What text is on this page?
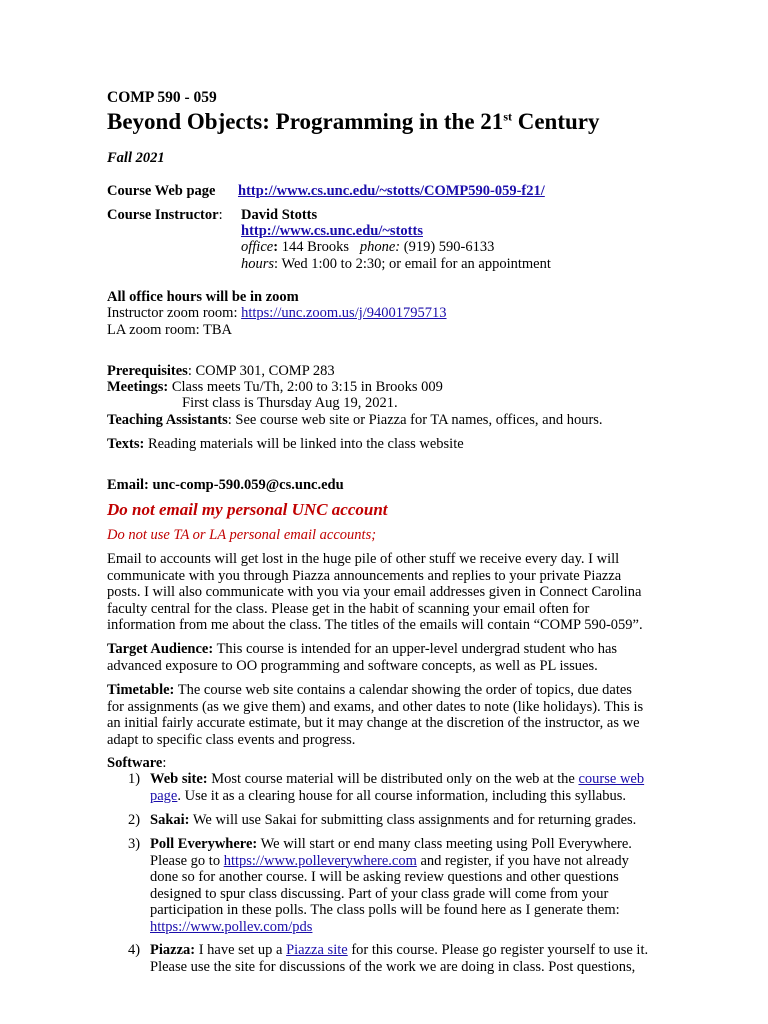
COMP 590 - 059
Beyond Objects: Programming in the 21st Century
Fall 2021
Course Web page http://www.cs.unc.edu/~stotts/COMP590-059-f21/
Course Instructor: David Stotts
http://www.cs.unc.edu/~stotts
office: 144 Brooks phone: (919) 590-6133
hours: Wed 1:00 to 2:30; or email for an appointment
All office hours will be in zoom
Instructor zoom room: https://unc.zoom.us/j/94001795713
LA zoom room: TBA
Prerequisites: COMP 301, COMP 283
Meetings: Class meets Tu/Th, 2:00 to 3:15 in Brooks 009
First class is Thursday Aug 19, 2021.
Teaching Assistants: See course web site or Piazza for TA names, offices, and hours.
Texts: Reading materials will be linked into the class website
Email: unc-comp-590.059@cs.unc.edu
Do not email my personal UNC account
Do not use TA or LA personal email accounts;
Email to accounts will get lost in the huge pile of other stuff we receive every day. I will communicate with you through Piazza announcements and replies to your private Piazza posts. I will also communicate with you via your email addresses given in Connect Carolina faculty central for the class. Please get in the habit of scanning your email often for information from me about the class. The titles of the emails will contain “COMP 590-059”.
Target Audience: This course is intended for an upper-level undergrad student who has advanced exposure to OO programming and software concepts, as well as PL issues.
Timetable: The course web site contains a calendar showing the order of topics, due dates for assignments (as we give them) and exams, and other dates to note (like holidays). This is an initial fairly accurate estimate, but it may change at the discretion of the instructor, as we adapt to specific class events and progress.
Software:
1) Web site: Most course material will be distributed only on the web at the course web page. Use it as a clearing house for all course information, including this syllabus.
2) Sakai: We will use Sakai for submitting class assignments and for returning grades.
3) Poll Everywhere: We will start or end many class meeting using Poll Everywhere. Please go to https://www.polleverywhere.com and register, if you have not already done so for another course. I will be asking review questions and other questions designed to spur class discussing. Part of your class grade will come from your participation in these polls. The class polls will be found here as I generate them: https://www.pollev.com/pds
4) Piazza: I have set up a Piazza site for this course. Please go register yourself to use it. Please use the site for discussions of the work we are doing in class. Post questions,
